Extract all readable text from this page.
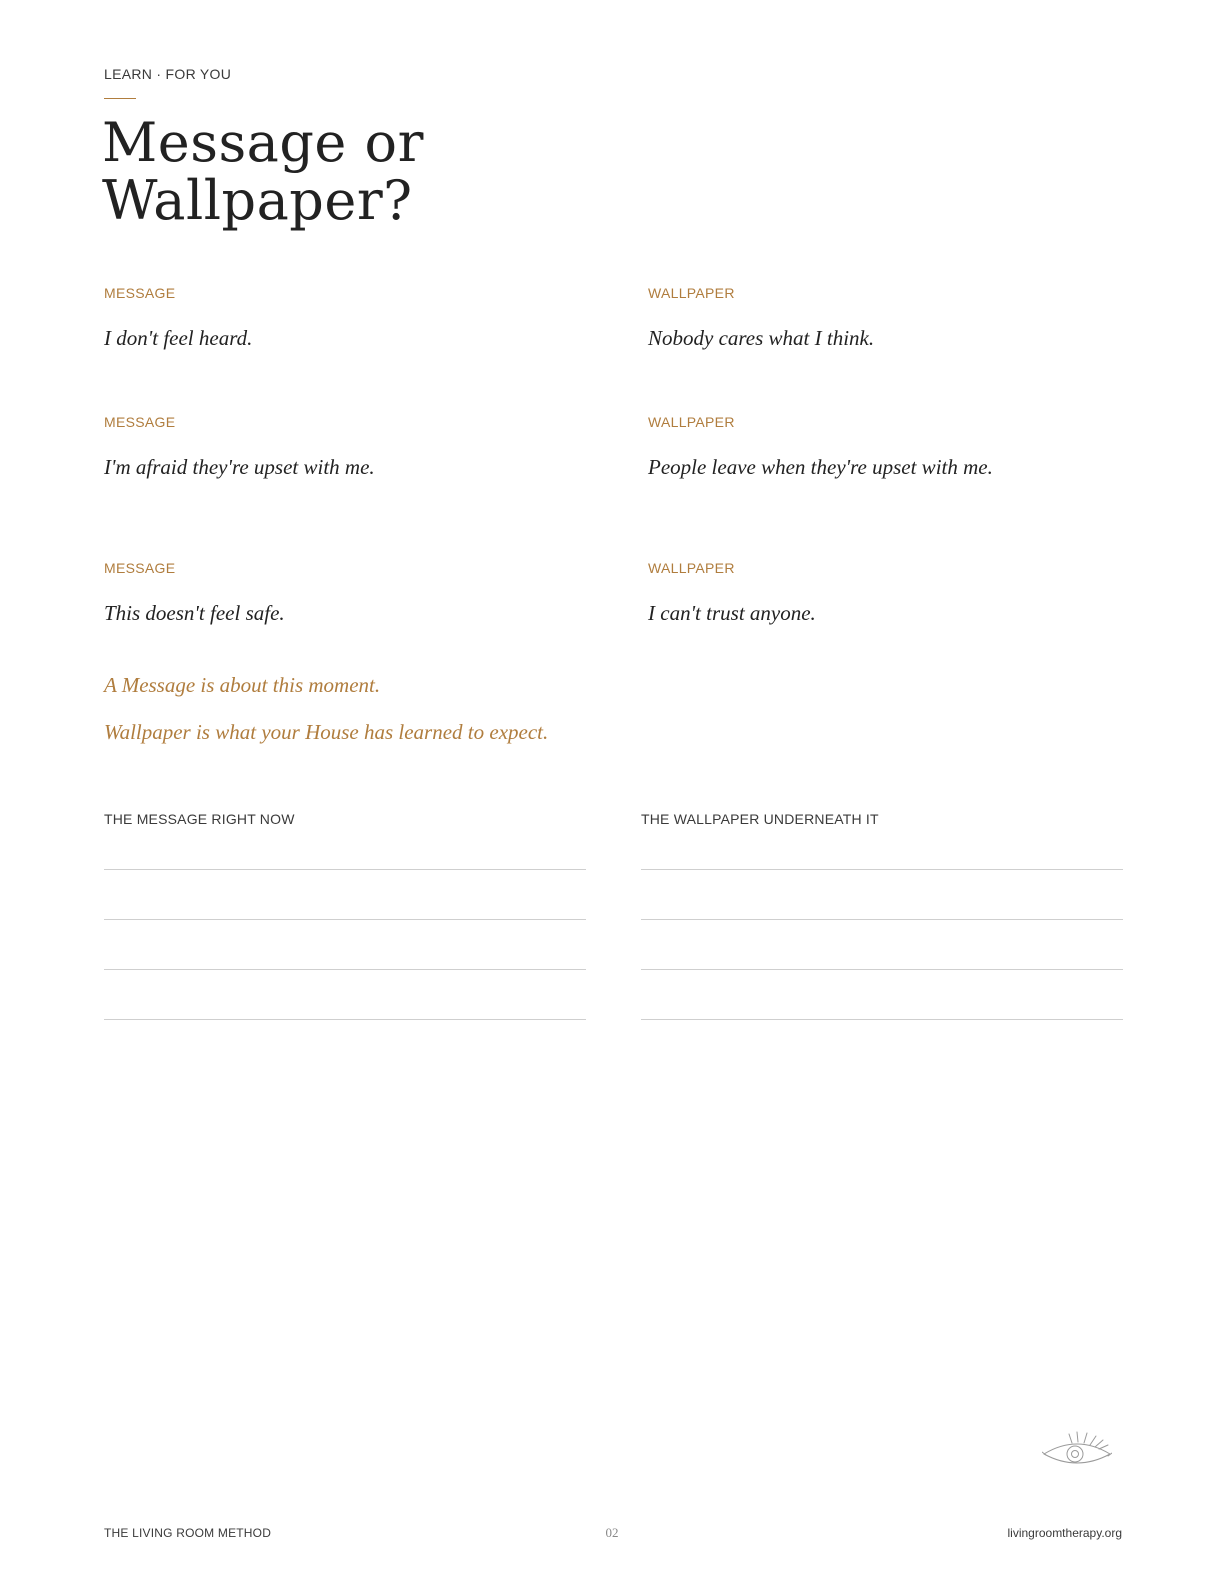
LEARN · FOR YOU
Message or
Wallpaper?
MESSAGE
I don't feel heard.
WALLPAPER
Nobody cares what I think.
MESSAGE
I'm afraid they're upset with me.
WALLPAPER
People leave when they're upset with me.
MESSAGE
This doesn't feel safe.
WALLPAPER
I can't trust anyone.
A Message is about this moment.
Wallpaper is what your House has learned to expect.
THE MESSAGE RIGHT NOW	THE WALLPAPER UNDERNEATH IT
THE LIVING ROOM METHOD	02	livingroomtherapy.org
